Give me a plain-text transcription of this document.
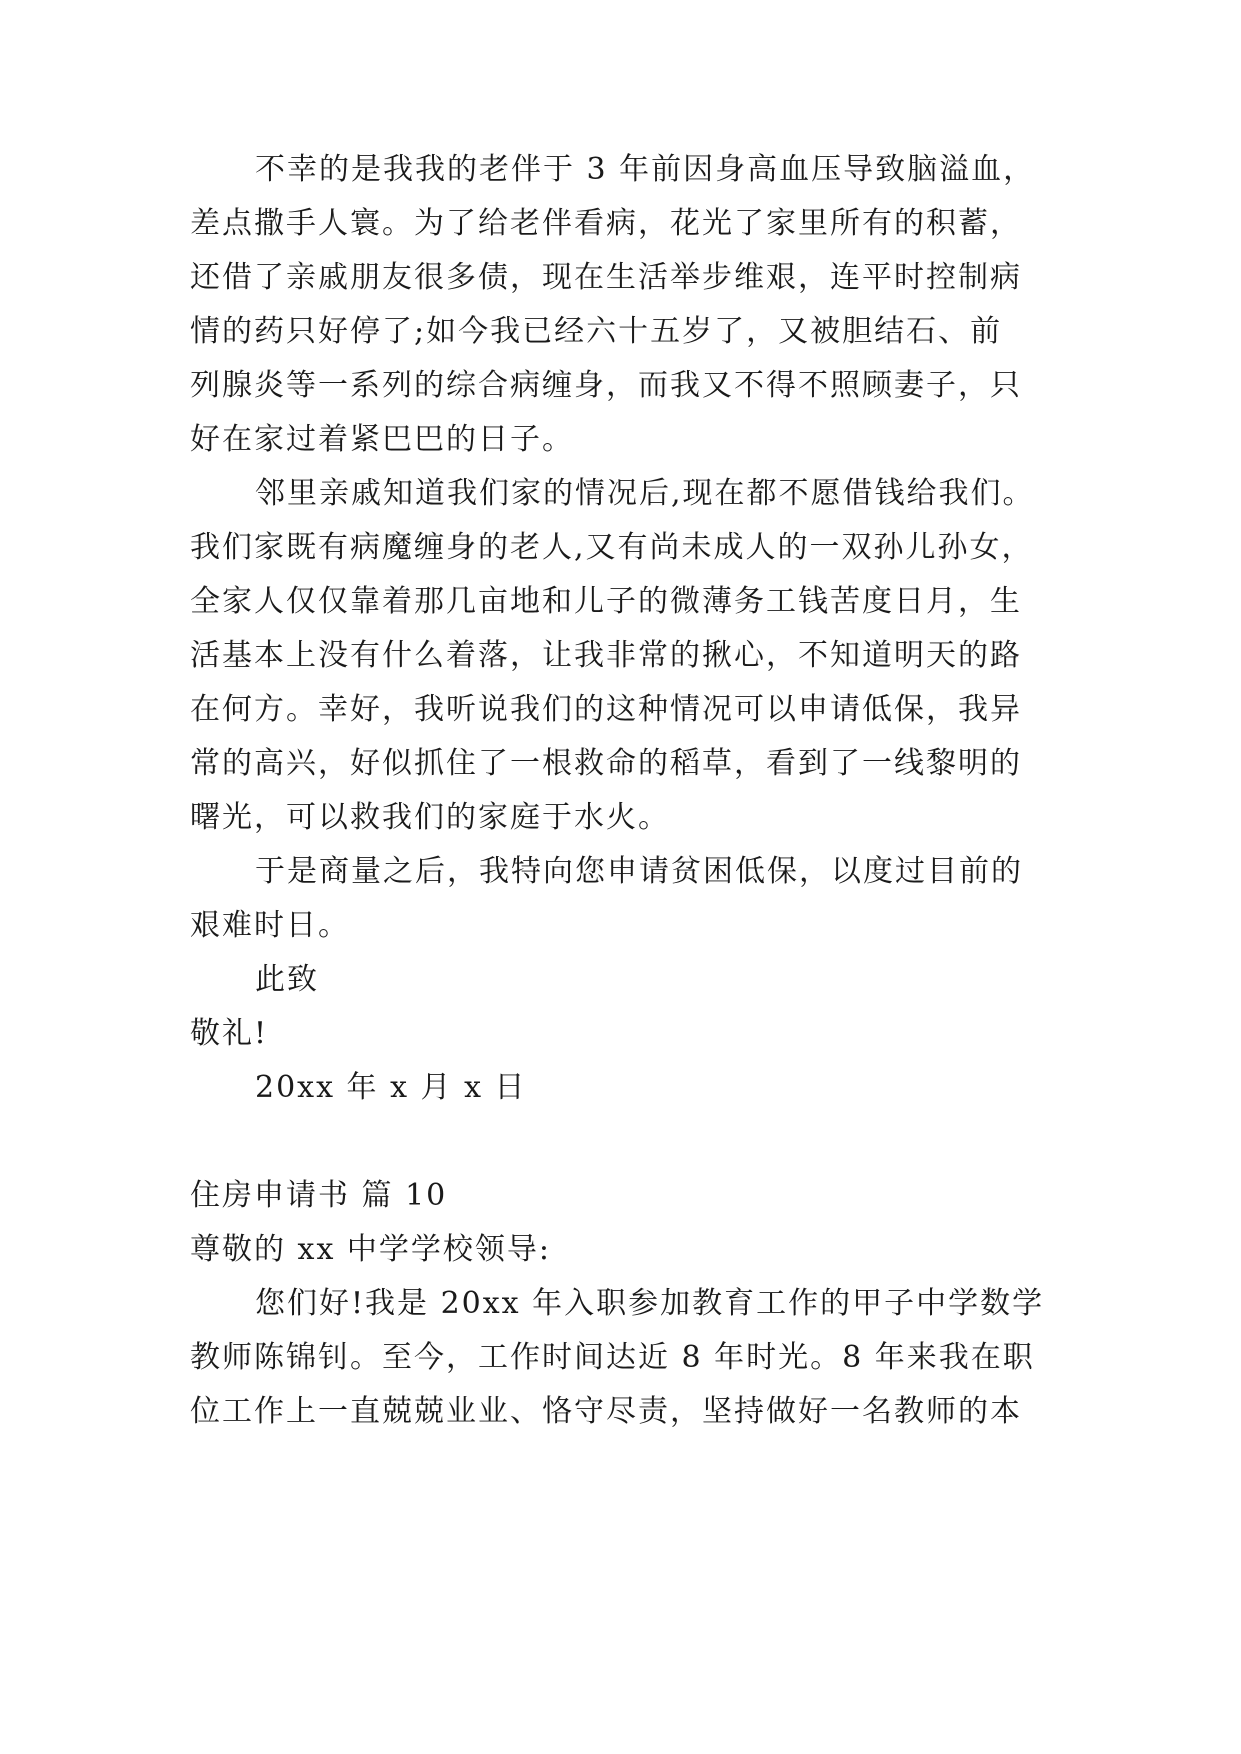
不幸的是我我的老伴于 3 年前因身高血压导致脑溢血，
差点撒手人寰。为了给老伴看病，花光了家里所有的积蓄，
还借了亲戚朋友很多债，现在生活举步维艰，连平时控制病
情的药只好停了;如今我已经六十五岁了，又被胆结石、前
列腺炎等一系列的综合病缠身，而我又不得不照顾妻子，只
好在家过着紧巴巴的日子。
邻里亲戚知道我们家的情况后,现在都不愿借钱给我们。
我们家既有病魔缠身的老人,又有尚未成人的一双孙儿孙女，
全家人仅仅靠着那几亩地和儿子的微薄务工钱苦度日月，生
活基本上没有什么着落，让我非常的揪心，不知道明天的路
在何方。幸好，我听说我们的这种情况可以申请低保，我异
常的高兴，好似抓住了一根救命的稻草，看到了一线黎明的
曙光，可以救我们的家庭于水火。
于是商量之后，我特向您申请贫困低保，以度过目前的
艰难时日。
此致
敬礼!
20xx 年 x 月 x 日
住房申请书 篇 10
尊敬的 xx 中学学校领导:
您们好!我是 20xx 年入职参加教育工作的甲子中学数学
教师陈锦钊。至今，工作时间达近 8 年时光。8 年来我在职
位工作上一直兢兢业业、恪守尽责，坚持做好一名教师的本
